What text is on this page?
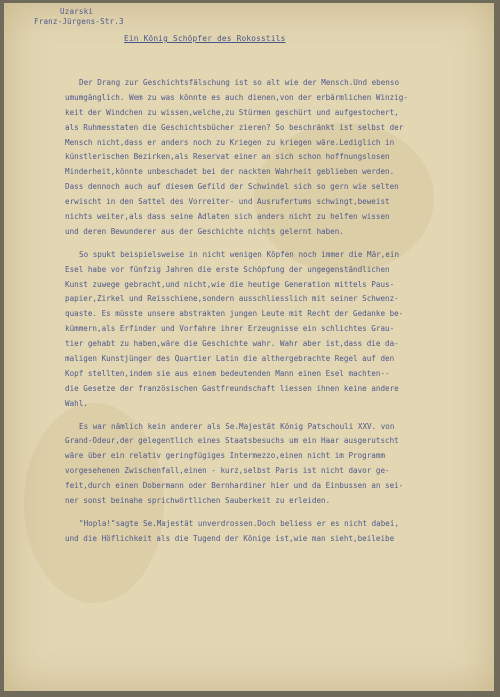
Uzarski
Franz-Jürgens-Str.3
Ein König Schöpfer des Rokosstils
Der Drang zur Geschichtsfälschung ist so alt wie der Mensch.Und ebenso
umumgänglich. Wem zu was könnte es auch dienen,von der erbärmlichen Winzig-
keit der Windchen zu wissen,welche,zu Stürmen geschürt und aufgestochert,
als Ruhmesstaten die Geschichtsbücher zieren? So beschränkt ist selbst der
Mensch nicht,dass er anders noch zu Kriegen zu kriegen wäre.Lediglich in
künstlerischen Bezirken,als Reservat einer an sich schon hoffnungslosen
Minderheit,könnte unbeschadet bei der nackten Wahrheit geblieben werden.
Dass dennoch auch auf diesem Gefild der Schwindel sich so gern wie selten
erwischt in den Sattel des Vorreiter- und Ausrufertums schwingt,beweist
nichts weiter,als dass seine Adlaten sich anders nicht zu helfen wissen
und deren Bewunderer aus der Geschichte nichts gelernt haben.
So spukt beispielsweise in nicht wenigen Köpfen noch immer die Mär,ein
Esel habe vor fünfzig Jahren die erste Schöpfung der ungegenständlichen
Kunst zuwege gebracht,und nicht,wie die heutige Generation mittels Paus-
papier,Zirkel und Reisschiene,sondern ausschliesslich mit seiner Schwenz-
quaste. Es müsste unsere abstrakten jungen Leute mit Recht der Gedanke be-
kümmern,als Erfinder und Vorfahre ihrer Erzeugnisse ein schlichtes Grau-
tier gehabt zu haben,wäre die Geschichte wahr. Wahr aber ist,dass die da-
maligen Kunstjünger des Quartier Latin die althergebrachte Regel auf den
Kopf stellten,indem sie aus einem bedeutenden Mann einen Esel machten--
die Gesetze der französischen Gastfreundschaft liessen ihnen keine andere
Wahl.
Es war nämlich kein anderer als Se.Majestät König Patschouli XXV. von
Grand-Odeur,der gelegentlich eines Staatsbesuchs um ein Haar ausgerutscht
wäre über ein relativ geringfügiges Intermezzo,einen nicht im Programm
vorgesehenen Zwischenfall,einen - kurz,selbst Paris ist nicht davor ge-
feit,durch einen Dobermann oder Bernhardiner hier und da Einbussen an sei-
ner sonst beinahe sprichwörtlichen Sauberkeit zu erleiden.
"Hopla!"sagte Se.Majestät unverdrossen.Doch beliess er es nicht dabei,
und die Höflichkeit als die Tugend der Könige ist,wie man sieht,beileibe
